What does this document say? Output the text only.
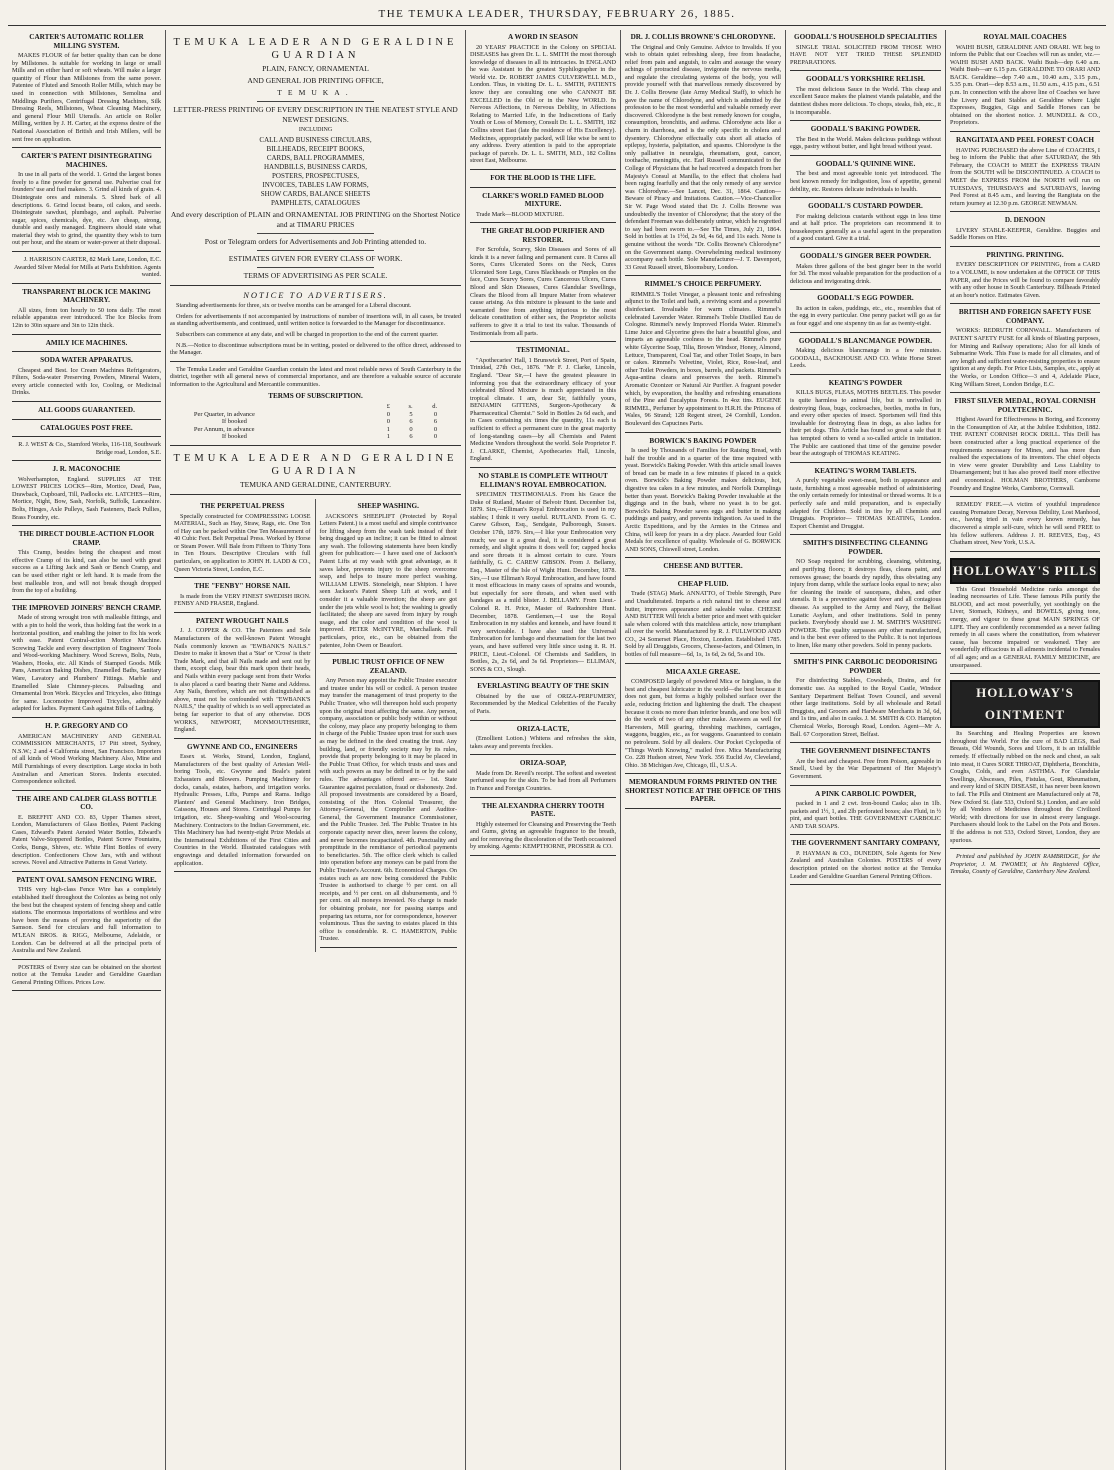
THE TEMUKA LEADER, THURSDAY, FEBRUARY 26, 1885.
CARTER'S AUTOMATIC ROLLER MILLING SYSTEM.

MAKES FLOUR of far better quality than can be done by Millstones. Is suitable for working in large or small Mills and on either hard or soft wheats. Will make a larger quantity of Flour than Millstones from the same power. Patentee of Fluted and Smooth Roller Mills, which may be used in connection with Millstones, Semolina and Middlings Purifiers, Centrifugal Dressing Machines, Silk Dressing Reels, Millstones, Wheat Cleaning Machinery, and general Flour Mill Utensils. An article on Roller Milling, written by J. H. Carter, at the express desire of the National Association of British and Irish Millers, will be sent free on application.

CARTER'S PATENT DISINTEGRATING MACHINES.

In use in all parts of the world. 1. Grind the largest bones freely to a fine powder for general use. Pulverise coal for founders' use and fuel makers. 3. Grind all kinds of grain. 4. Disintegrate ores and minerals. 5. Shred bark of all descriptions. 6. Grind locust beans, oil cakes, and seeds. Disintegrate sawdust, plumbago, and asphalt. Pulverise sugar, spices, chemicals, dye, etc. Are cheap, strong, durable and easily managed. Engineers should state what material they wish to grind, the quantity they wish to turn out per hour, and the steam or water-power at their disposal.

J. HARRISON CARTER, 82 Mark Lane, London, E.C. Awarded Silver Medal for Mills at Paris Exhibition. Agents wanted.
TRANSPARENT BLOCK ICE MAKING MACHINERY.

All sizes, from ton hourly to 50 tons daily. The most reliable apparatus ever introduced. The Ice Blocks from 12in to 30in square and 3in to 12in thick.

AMILY ICE MACHINES.
SODA WATER APPARATUS.

Cheapest and Best. Ice Cream Machines Refrigerators, Filters, Soda-water Preserving Powders, Mineral Waters, every article connected with Ice, Cooling, or Medicinal Drinks.

ALL GOODS GUARANTEED.
CATALOGUES POST FREE.
R. J. WEST & Co., Stamford Works, 116-118, Southwark Bridge road, London, S.E.
J. R. MACONOCHIE

Wolverhampton, England. SUPPLIES AT THE LOWEST PRICES LOCKS—Rim, Mortice, Dead, Pass, Drawback, Cupboard, Till, Padlocks etc. LATCHES—Rim, Mortice, Night, Bow, Sash, Norfolk, Suffolk, Lancashire. Bolts, Hinges, Axle Pulleys, Sash Fasteners, Back Pullies, Brass Foundry, etc.

THE DIRECT DOUBLE-ACTION FLOOR CRAMP.

This Cramp, besides being the cheapest and most effective Cramp of its kind, can also be used with great success as a Lifting Jack and Sash or Bench Cramp, and can be used either right or left hand. It is made from the best malleable iron, and will not break though dropped from the top of a building.

THE IMPROVED JOINERS' BENCH CRAMP.

Made of strong wrought iron with malleable fittings, and with a pin to hold the work, thus holding fast the work in a horizontal position, and enabling the joiner to fix his work with ease. Patent Central-action Mortice Machine. Screwing Tackle and every description of Engineers' Tools and Wood-working Machinery. Wood Screws, Bolts, Nuts, Washers, Hooks, etc. All Kinds of Stamped Goods. Milk Pans, American Baking Dishes, Enamelled Baths, Sanitary Ware, Lavatory and Plumbers' Fittings. Marble and Enamelled Slate Chimney-pieces. Palisading and Ornamental Iron Work. Bicycles and Tricycles, also fittings for same. Locomotive Improved Tricycles, admirably adapted for ladies. Payment Cash against Bills of Lading.

H. P. GREGORY AND CO

AMERICAN MACHINERY AND GENERAL COMMISSION MERCHANTS, 17 Pitt street, Sydney, N.S.W.; 2 and 4 California street, San Francisco. Importers of all kinds of Wood Working Machinery. Also, Mine and Mill Furnishings of every description. Large stocks in both Australian and American Stores. Indents executed. Correspondence solicited.

THE AIRE AND CALDER GLASS BOTTLE CO.

E. BREFFIT AND CO. 83, Upper Thames street, London, Manufacturers of Glass Bottles, Patent Packing Cases, Edward's Patent Aerated Water Bottles, Edward's Patent Valve-Stoppered Bottles, Patent Screw Fountains, Corks, Bungs, Shives, etc. White Flint Bottles of every description. Confectioners Chow Jars, with and without screws. Novel and Attractive Patterns in Great Variety.

PATENT OVAL SAMSON FENCING WIRE.

THIS very high-class Fence Wire has a completely established itself throughout the Colonies as being not only the best but the cheapest system of fencing sheep and cattle stations. The enormous importations of worthless and wire have been the means of proving the superiority of the Samson. Send for circulars and full information to M'LEAN BROS. & RIGG, Melbourne, Adelaide, or London. Can be delivered at all the principal ports of Australia and New Zealand.

POSTERS of Every size can be obtained on the shortest notice at the Temuka Leader and Geraldine Guardian General Printing Offices. Prices Low.

TEMUKA LEADER AND GERALDINE GUARDIAN
PLAIN, FANCY, ORNAMENTAL
AND GENERAL JOB PRINTING OFFICE,
TEMUKA.
LETTER-PRESS PRINTING OF EVERY DESCRIPTION IN THE NEATEST STYLE AND NEWEST DESIGNS.
INCLUDING
CALL AND BUSINESS CIRCULARS,
BILLHEADS, RECEIPT BOOKS,
CARDS, BALL PROGRAMMES,
HANDBILLS, BUSINESS CARDS,
POSTERS, PROSPECTUSES,
INVOICES, TABLES LAW FORMS,
SHOW CARDS, BALANCE SHEETS
PAMPHLETS, CATALOGUES
And every description of PLAIN and ORNAMENTAL JOB PRINTING on the Shortest Notice and at TIMARU PRICES
Post or Telegram orders for Advertisements and Job Printing attended to.
ESTIMATES GIVEN FOR EVERY CLASS OF WORK.
TERMS OF ADVERTISING AS PER SCALE.
NOTICE TO ADVERTISERS.

Standing advertisements for three, six or twelve months can be arranged for a Liberal discount.

Orders for advertisements if not accompanied by instructions of number of insertions will, in all cases, be treated as standing advertisements, and continued, until written notice is forwarded to the Manager for discontinuance.

Subscribers can commence at any date, and will be charged in proportion to the end of the current quarter.

N.B.—Notice to discontinue subscriptions must be in writing, posted or delivered to the office direct, addressed to the Manager.

The Temuka Leader and Geraldine Guardian contain the latest and most reliable news of South Canterbury in the district, together with all general news of commercial importance, and are therefore a valuable source of accurate information to the Agricultural and Mercantile communities.

TERMS OF SUBSCRIPTION.
	£	s.	d.
Per Quarter, in advance	0	5	0
If booked	0	6	6
Per Annum, in advance	1	0	0
If booked	1	6	0
TEMUKA LEADER AND GERALDINE GUARDIAN
TEMUKA AND GERALDINE, CANTERBURY.
THE PERPETUAL PRESS

Specially constructed for COMPRESSING LOOSE MATERIAL, Such as Hay, Straw, Rags, etc. One Ton of Hay can be packed within One Ten Measurement of 40 Cubic Feet. Belt Perpetual Press. Worked by Horse or Steam Power. Will Bale from Fifteen to Thirty Tons in Ten Hours. Descriptive Circulars with full particulars, on application to JOHN H. LADD & CO., Queen Victoria Street, London, E.C.

THE "FENBY" HORSE NAIL

Is made from the VERY FINEST SWEDISH IRON. FENBY AND FRASER, England.

PATENT WROUGHT NAILS

J. J. COPPER & CO. The Patentees and Sole Manufacturers of the well-known Patent Wrought Nails commonly known as "EWBANK'S NAILS." Desire to make it known that a 'Star' or 'Cross' is their Trade Mark, and that all Nails made and sent out by them, except clasp, bear this mark upon their heads, and Nails within every package sent from their Works is also placed a card bearing their Name and Address. Any Nails, therefore, which are not distinguished as above, must not be confounded with "EWBANK'S NAILS," the quality of which is so well appreciated as being far superior to that of any otherwise. DOS WORKS, NEWPORT, MONMOUTHSHIRE, England.

GWYNNE AND CO., ENGINEERS

Essex st. Works, Strand, London, England, Manufacturers of the best quality of Artesian Well-boring Tools, etc. Gwynne and Beale's patent Exhausters and Blowers. Pumping Machinery for docks, canals, estates, harbors, and irrigation works. Hydraulic Presses, Lifts, Pumps and Rams. Indigo Planters' and General Machinery. Iron Bridges, Caissons, Houses and Stores. Centrifugal Pumps for irrigation, etc. Sheep-washing and Wool-scouring Machinery. Contractors to the Indian Government, etc. This Machinery has had twenty-eight Prize Medals at the International Exhibitions of the First Cities and Countries in the World. Illustrated catalogues with engravings and detailed information forwarded on application.

SHEEP WASHING.

JACKSON'S SHEEPLIFT (Protected by Royal Letters Patent.) is a most useful and simple contrivance for lifting sheep from the wash tank instead of their being dragged up an incline; it can be fitted to almost any wash. The following statements have been kindly given for publication:— I have used one of Jackson's Patent Lifts at my wash with great advantage, as it saves labor, prevents injury to the sheep overcome soap, and helps to insure more perfect washing. WILLIAM LEWIS. Stoneleigh, near Shipton. I have seen Jackson's Patent Sheep Lift at work, and I consider it a valuable invention; the sheep are got under the jets while wool is hot; the washing is greatly facilitated; the sheep are saved from injury by rough usage, and the color and condition of the wool is improved. PETER McINTYRE, Marchallank. Full particulars, price, etc., can be obtained from the patentee, John Owen or Beaufort.

PUBLIC TRUST OFFICE OF NEW ZEALAND.

Any Person may appoint the Public Trustee executor and trustee under his will or codicil. A person trustee may transfer the management of trust property to the Public Trustee, who will thereupon hold such property upon the original trust affecting the same. Any person, company, association or public body within or without the colony, may place any property belonging to them in charge of the Public Trustee upon trust for such uses as may be defined in the deed creating the trust. Any building, land, or friendly society may by its rules, provide that property belonging to it may be placed in the Public Trust Office, for which trusts and uses and with such powers as may be defined in or by the said rules. The advantages offered are:— 1st. State Guarantee against peculation, fraud or dishonesty. 2nd. All proposed investments are considered by a Board, consisting of the Hon. Colonial Treasurer, the Attorney-General, the Comptroller and Auditor-General, the Government Insurance Commissioner, and the Public Trustee. 3rd. The Public Trustee in his corporate capacity never dies, never leaves the colony, and never becomes incapacitated. 4th. Punctuality and promptitude in the remittance of periodical payments to beneficiaries. 5th. The office clerk which is called into operation before any moneys can be paid from the Public Trustee's Account. 6th. Economical Charges. On estates such as are now being considered the Public Trustee is authorised to charge ½ per cent. on all receipts, and ½ per cent. on all disbursements, and ½ per cent. on all moneys invested. No charge is made for obtaining probate, nor for passing stamps and preparing tax returns, nor for correspondence, however voluminous. Thus the saving to estates placed in this office is considerable. R. C. HAMERTON, Public Trustee.

A WORD IN SEASON

20 YEARS' PRACTICE in the Colony on SPECIAL DISEASES has given Dr. L. L. SMITH the most thorough knowledge of diseases in all its intricacies. In ENGLAND he was Assistant to the greatest Syphilographer in the World viz. Dr. ROBERT JAMES CULVERWELL M.D., London. Thus, in visiting Dr. L. L. SMITH, PATIENTS know they are consulting one who CANNOT BE EXCELLED in the Old or in the New WORLD. In Nervous Affections, in Nervous Debility, in Affections Relating to Married Life, in the Indiscretions of Early Youth or Loss of Memory, Consult Dr. L. L. SMITH, 182 Collins street East (late the residence of His Excellency). Medicines, appropriately packed, will like wise be sent to any address. Every attention is paid to the appropriate package of parcels. Dr. L. L. SMITH, M.D., 182 Collins street East, Melbourne.

FOR THE BLOOD IS THE LIFE.
CLARKE'S WORLD FAMED BLOOD MIXTURE.

Trade Mark—BLOOD MIXTURE.

THE GREAT BLOOD PURIFIER AND RESTORER.

For Scrofula, Scurvy, Skin Diseases and Sores of all kinds it is a never failing and permanent cure. It Cures all Sores, Cures Ulcerated Sores on the Neck, Cures Ulcerated Sore Legs, Cures Blackheads or Pimples on the face, Cures Scurvy Sores, Cures Cancerous Ulcers, Cures Blood and Skin Diseases, Cures Glandular Swellings, Clears the Blood from all Impure Matter from whatever cause arising. As this mixture is pleasant to the taste and warranted free from anything injurious to the most delicate constitution of either sex, the Proprietor solicits sufferers to give it a trial to test its value. Thousands of Testimonials from all parts.

TESTIMONIAL.

"Apothecaries' Hall, 1 Brunswick Street, Port of Spain, Trinidad, 27th Oct., 1876. "Mr F. J. Clarke, Lincoln, England. "Dear Sir,—I have the greatest pleasure in informing you that the extraordinary efficacy of your celebrated Blood Mixture is much appreciated in this tropical climate. I am, dear Sir, faithfully yours, BENJAMIN GITTENS, Surgeon-Apothecary & Pharmaceutical Chemist." Sold in Bottles 2s 6d each, and in Cases containing six times the quantity, 11s each is sufficient to effect a permanent cure in the great majority of long-standing cases—by all Chemists and Patent Medicine Vendors throughout the world. Sole Proprietor F. J. CLARKE, Chemist, Apothecaries Hall, Lincoln, England.

NO STABLE IS COMPLETE WITHOUT ELLIMAN'S ROYAL EMBROCATION.

SPECIMEN TESTIMONIALS. From his Grace the Duke of Rutland, Master of Belvoir Hunt. December 1st, 1879. Sirs,—Elliman's Royal Embrocation is used in my stables; I think it very useful. RUTLAND. From G. C. Carew Gibson, Esq., Sendgate, Pulborough, Sussex. October 17th, 1879. Sirs,—I like your Embrocation very much; we use it a great deal, it is considered a great remedy, and slight sprains it does well for; capped hocks and sore throats it is almost certain to cure. Yours faithfully, G. C. CAREW GIBSON. From J. Bellamy, Esq., Master of the Isle of Wight Hunt. December, 1878. Sirs,—I use Elliman's Royal Embrocation, and have found it most efficacious in many cases of sprains and wounds, but especially for sore throats, and when used with bandages as a mild blister. J. BELLAMY. From Lieut.-Colonel R. H. Price, Master of Radnorshire Hunt. December, 1878. Gentlemen,—I use the Royal Embrocation in my stables and kennels, and have found it very serviceable. I have also used the Universal Embrocation for lumbago and rheumatism for the last two years, and have suffered very little since using it. R. H. PRICE, Lieut.-Colonel. Of Chemists and Saddlers, in Bottles, 2s, 2s 6d, and 3s 6d. Proprietors— ELLIMAN, SONS & CO., Slough.

EVERLASTING BEAUTY OF THE SKIN

Obtained by the use of ORIZA-PERFUMERY, Recommended by the Medical Celebrities of the Faculty of Paris.

ORIZA-LACTE,

(Emollient Lotion.) Whitens and refreshes the skin, takes away and prevents freckles.

ORIZA-SOAP,

Made from Dr. Reveil's receipt. The softest and sweetest perfumed soap for the skin. To be had from all Perfumers in France and Foreign Countries.

THE ALEXANDRA CHERRY TOOTH PASTE.

Highly esteemed for Cleansing and Preserving the Teeth and Gums, giving an agreeable fragrance to the breath, and for removing the discoloration of the Teeth occasioned by smoking. Agents: KEMPTHORNE, PROSSER & CO.

DR. J. COLLIS BROWNE'S CHLORODYNE.

The Original and Only Genuine. Advice to Invalids. If you wish to obtain quiet refreshing sleep, free from headache, relief from pain and anguish, to calm and assuage the weary achings of protracted disease, invigorate the nervous media, and regulate the circulating systems of the body, you will provide yourself with that marvellous remedy discovered by Dr. J. Collis Browne (late Army Medical Staff), to which he gave the name of Chlorodyne, and which is admitted by the profession to be the most wonderful and valuable remedy ever discovered. Chlorodyne is the best remedy known for coughs, consumption, bronchitis, and asthma. Chlorodyne acts like a charm in diarrhoea, and is the only specific in cholera and dysentery. Chlorodyne effectually cuts short all attacks of epilepsy, hysteria, palpitation, and spasms. Chlorodyne is the only palliative in neuralgia, rheumatism, gout, cancer, toothache, meningitis, etc. Earl Russell communicated to the College of Physicians that he had received a despatch from her Majesty's Consul at Manilla, to the effect that cholera had been raging fearfully and that the only remedy of any service was Chlorodyne.—See Lancet, Dec. 31, 1864. Caution—Beware of Piracy and Imitations. Caution.—Vice-Chancellor Sir W. Page Wood stated that Dr. J. Collis Browne was undoubtedly the inventor of Chlorodyne; that the story of the defendant Freeman was deliberately untrue, which he regretted to say had been sworn to.—See The Times, July 21, 1864. Sold in bottles at 1s 1½d, 2s 9d, 4s 6d, and 11s each. None is genuine without the words "Dr. Collis Browne's Chlorodyne" on the Government stamp. Overwhelming medical testimony accompany each bottle. Sole Manufacturer—J. T. Davenport, 33 Great Russell street, Bloomsbury, London.

RIMMEL'S CHOICE PERFUMERY.

RIMMEL'S Toilet Vinegar, a pleasant tonic and refreshing adjunct to the Toilet and bath, a reviving scent and a powerful disinfectant. Invaluable for warm climates. Rimmel's celebrated Lavender Water. Rimmel's Treble Distilled Eau de Cologne. Rimmel's newly Improved Florida Water. Rimmel's Lime Juice and Glycerine gives the hair a beautiful gloss, and imparts an agreeable coolness to the head. Rimmel's pure white Glycerine Soap, Tilia, Brown Windsor, Honey, Almond, Lettuce, Transparent, Coal Tar, and other Toilet Soaps, in bars or cakes. Rimmel's Velvetine, Violet, Rice, Rose-leaf, and other Toilet Powders, in boxes, barrels, and packets. Rimmel's Aqua-antina cleans and preserves the teeth. Rimmel's Aromatic Ozonizer or Natural Air Purifier. A fragrant powder which, by evaporation, the healthy and refreshing emanations of the Pine and Eucalyptus Forests. In 4oz tins. EUGENE RIMMEL, Perfumer by appointment to H.R.H. the Princess of Wales, 96 Strand; 128 Regent street, 24 Cornhill, London. Boulevard des Capucines Paris.

BORWICK'S BAKING POWDER

Is used by Thousands of Families for Raising Bread, with half the trouble and in a quarter of the time required with yeast. Borwick's Baking Powder. With this article small loaves of bread can be made in a few minutes if placed in a quick oven. Borwick's Baking Powder makes delicious, hot, digestive tea cakes in a few minutes, and Norfolk Dumplings better than yeast. Borwick's Baking Powder invaluable at the diggings and in the bush, where no yeast is to be got. Borwick's Baking Powder saves eggs and butter in making puddings and pastry, and prevents indigestion. As used in the Arctic Expeditions, and by the Armies in the Crimea and China, will keep for years in a dry place. Awarded four Gold Medals for excellence of quality. Wholesale of G. BORWICK AND SONS, Chiswell street, London.

CHEESE AND BUTTER.
CHEAP FLUID.

Trade (STAG) Mark. ANNATTO, of Treble Strength, Pure and Unadulterated. Imparts a rich natural tint to cheese and butter, improves appearance and saleable value. CHEESE AND BUTTER Will fetch a better price and meet with quicker sale when colored with this matchless article, now triumphant all over the world. Manufactured by R. J. FULLWOOD AND CO., 24 Somerset Place, Hoxton, London. Established 1785. Sold by all Druggists, Grocers, Cheese-factors, and Oilmen, in bottles of full measure—6d, 1s, 1s 6d, 2s 6d, 5s and 10s.

MICA AXLE GREASE.

COMPOSED largely of powdered Mica or Isinglass, is the best and cheapest lubricator in the world—the best because it does not gum, but forms a highly polished surface over the axle, reducing friction and lightening the draft. The cheapest because it costs no more than inferior brands, and one box will do the work of two of any other make. Answers as well for Harvesters, Mill gearing, threshing machines, carriages, waggons, buggies, etc., as for waggons. Guaranteed to contain no petroleum. Sold by all dealers. Our Pocket Cyclopedia of "Things Worth Knowing," mailed free. Mica Manufacturing Co. 228 Hudson street, New York. 356 Euclid Av, Cleveland, Ohio. 38 Michigan Ave, Chicago, Ill., U.S.A.

MEMORANDUM FORMS PRINTED ON THE SHORTEST NOTICE AT THE OFFICE OF THIS PAPER.
GOODALL'S HOUSEHOLD SPECIALITIES

SINGLE TRIAL SOLICITED FROM THOSE WHO HAVE NOT YET TRIED THESE SPLENDID PREPARATIONS.

GOODALL'S YORKSHIRE RELISH.

The most delicious Sauce in the World. This cheap and excellent Sauce makes the plainest viands palatable, and the daintiest dishes more delicious. To chops, steaks, fish, etc., it is incomparable.

GOODALL'S BAKING POWDER.

The Best in the World. Makes delicious puddings without eggs, pastry without butter, and light bread without yeast.

GOODALL'S QUININE WINE.

The best and most agreeable tonic yet introduced. The best known remedy for indigestion, loss of appetite, general debility, etc. Restores delicate individuals to health.

GOODALL'S CUSTARD POWDER.

For making delicious custards without eggs in less time and at half price. The proprietors can recommend it to housekeepers generally as a useful agent in the preparation of a good custard. Give it a trial.

GOODALL'S GINGER BEER POWDER.

Makes three gallons of the best ginger beer in the world for 3d. The most valuable preparation for the production of a delicious and invigorating drink.

GOODALL'S EGG POWDER.

Its action in cakes, puddings, etc., etc., resembles that of the egg in every particular. One penny packet will go as far as four eggs! and one sixpenny tin as far as twenty-eight.

GOODALL'S BLANCMANGE POWDER.

Making delicious blancmange in a few minutes. GOODALL, BACKHOUSE AND CO. White Horse Street Leeds.

KEATING'S POWDER

KILLS BUGS, FLEAS, MOTHS BEETLES. This powder is quite harmless to animal life, but is unrivalled in destroying fleas, bugs, cockroaches, beetles, moths in furs, and every other species of insect. Sportsmen will find this invaluable for destroying fleas in dogs, as also ladies for their pet dogs. This Article has found so great a sale that it has tempted others to vend a so-called article in imitation. The Public are cautioned that time of the genuine powder bear the autograph of THOMAS KEATING.

KEATING'S WORM TABLETS.

A purely vegetable sweet-meat, both in appearance and taste, furnishing a most agreeable method of administering the only certain remedy for intestinal or thread worms. It is a perfectly safe and mild preparation, and is especially adapted for Children. Sold in tins by all Chemists and Druggists. Proprietor— THOMAS KEATING, London. Export Chemist and Druggist.

SMITH'S DISINFECTING CLEANING POWDER.

NO Soap required for scrubbing, cleansing, whitening, and purifying floors; it destroys fleas, cleans paint, and removes grease; the boards dry rapidly, thus obviating any injury from damp, while the surface looks equal to new; also for cleaning the inside of saucepans, dishes, and other utensils. It is a preventive against fever and all contagious disease. As supplied to the Army and Navy, the Belfast Lunatic Asylum, and other institutions. Sold in penny packets. Everybody should use J. M. SMITH'S WASHING POWDER. The quality surpasses any other manufactured, and is the best ever offered to the Public. It is not injurious to linen, like many other powders. Sold in penny packets.

SMITH'S PINK CARBOLIC DEODORISING POWDER

For disinfecting Stables, Cowsheds, Drains, and for domestic use. As supplied to the Royal Castle, Windsor Sanitary Department Belfast Town Council, and several other large institutions. Sold by all wholesale and Retail Druggists, and Grocers and Hardware Merchants in 3d, 6d, and 1s tins, and also in casks. J. M. SMITH & CO. Hampton Chemical Works, Borough Road, London. Agent—Mr A. Ball. 67 Corporation Street, Belfast.

THE GOVERNMENT DISINFECTANTS

Are the best and cheapest. Free from Poison, agreeable in Smell, Used by the War Department of Her Majesty's Government.

A PINK CARBOLIC POWDER,

packed in 1 and 2 cwt. Iron-bound Casks; also in 1lb. packets and 1½, 1, and 2lb perforated boxes; also Fluid, in ½ pint, and quart bottles. THE GOVERNMENT CARBOLIC AND TAR SOAPS.

THE GOVERNMENT SANITARY COMPANY,

P. HAYMAN & CO., DUNEDIN, Sole Agents for New Zealand and Australian Colonies. POSTERS of every description printed on the shortest notice at the Temuka Leader and Geraldine Guardian General Printing Offices.

ROYAL MAIL COACHES

WAIHI BUSH, GERALDINE AND ORARI. WE beg to inform the Public that our Coaches will run as under, viz.— WAIHI BUSH AND BACK. Waihi Bush—dep 6.40 a.m. Waihi Bush—arr 6.15 p.m. GERALDINE TO ORARI AND BACK. Geraldine—dep 7.40 a.m., 10.40 a.m., 3.15 p.m., 5.35 p.m. Orari—dep 8.53 a.m., 11.50 a.m., 4.15 p.m., 6.51 p.m. In connection with the above line of Coaches we have the Livery and Bait Stables at Geraldine where Light Expresses, Buggies, Gigs and Saddle Horses can be obtained on the shortest notice. J. MUNDELL & CO., Proprietors.

RANGITATA AND PEEL FOREST COACH

HAVING PURCHASED the above Line of COACHES, I beg to inform the Public that after SATURDAY, the 9th February, the COACH to MEET the EXPRESS TRAIN from the SOUTH will be DISCONTINUED. A COACH to MEET the EXPRESS FROM the NORTH will run on TUESDAYS, THURSDAYS and SATURDAYS, leaving Peel Forest at 8.45 a.m., and leaving the Rangitata on the return journey at 12.30 p.m. GEORGE NEWMAN.

D. DENOON

LIVERY STABLE-KEEPER, Geraldine. Buggies and Saddle Horses on Hire.

PRINTING. PRINTING.

EVERY DESCRIPTION OF PRINTING, from a CARD to a VOLUME, is now undertaken at the OFFICE OF THIS PAPER, and the Prices will be found to compare favorably with any other house in South Canterbury. Billheads Printed at an hour's notice. Estimates Given.

BRITISH AND FOREIGN SAFETY FUSE COMPANY.

WORKS: REDRUTH CORNWALL. Manufacturers of PATENT SAFETY FUSE for all kinds of Blasting purposes, for Mining and Railway operations; Also for all kinds of Submarine Work. This Fuse is made for all climates, and of any length and sufficient water-resisting properties to ensure ignition at any depth. For Price Lists, Samples, etc., apply at the Works, or London Office—3 and 4, Adelaide Place, King William Street, London Bridge, E.C.

FIRST SILVER MEDAL, ROYAL CORNISH POLYTECHNIC.

Highest Award for Effectiveness in Boring, and Economy in the Consumption of Air, at the Jubilee Exhibition, 1882. THE PATENT CORNISH ROCK DRILL. This Drill has been constructed after a long practical experience of the requirements necessary for Mines, and has more than realised the expectations of its inventors. The chief objects in view were greater Durability and Less Liability to Disarrangement; but it has also proved itself more effective and economical. HOLMAN BROTHERS, Camborne Foundry and Engine Works, Camborne, Cornwall.

REMEDY FREE.—A victim of youthful imprudence causing Premature Decay, Nervous Debility, Lost Manhood, etc., having tried in vain every known remedy, has discovered a simple self-cure, which he will send FREE to his fellow sufferers. Address J. H. REEVES, Esq., 43 Chatham street, New York, U.S.A.

HOLLOWAY'S PILLS

This Great Household Medicine ranks amongst the leading necessaries of Life. These famous Pills purify the BLOOD, and act most powerfully, yet soothingly on the Liver, Stomach, Kidneys, and BOWELS, giving tone, energy, and vigour to these great MAIN SPRINGS OF LIFE. They are confidently recommended as a never failing remedy in all cases where the constitution, from whatever cause, has become impaired or weakened. They are wonderfully efficacious in all ailments incidental to Females of all ages; and as a GENERAL FAMILY MEDICINE, are unsurpassed.

HOLLOWAY'S OINTMENT

Its Searching and Healing Properties are known throughout the World. For the cure of BAD LEGS, Bad Breasts, Old Wounds, Sores and Ulcers, it is an infallible remedy. If effectually rubbed on the neck and chest, as salt into meat, it Cures SORE THROAT, Diphtheria, Bronchitis, Coughs, Colds, and even ASTHMA. For Glandular Swellings, Abscesses, Piles, Fistulas, Gout, Rheumatism, and every kind of SKIN DISEASE, it has never been known to fail. The Pills and Ointment are Manufactured only at 78, New Oxford St. (late 533, Oxford St.) London, and are sold by all Vendors of Medicines throughout the Civilized World; with directions for use in almost every language. Purchasers should look to the Label on the Pots and Boxes. If the address is not 533, Oxford Street, London, they are spurious.

Printed and published by JOHN RAMBRIDGE, for the Proprietor, J. M. TWOMEY, at his Registered Office, Temuka, County of Geraldine, Canterbury New Zealand.
